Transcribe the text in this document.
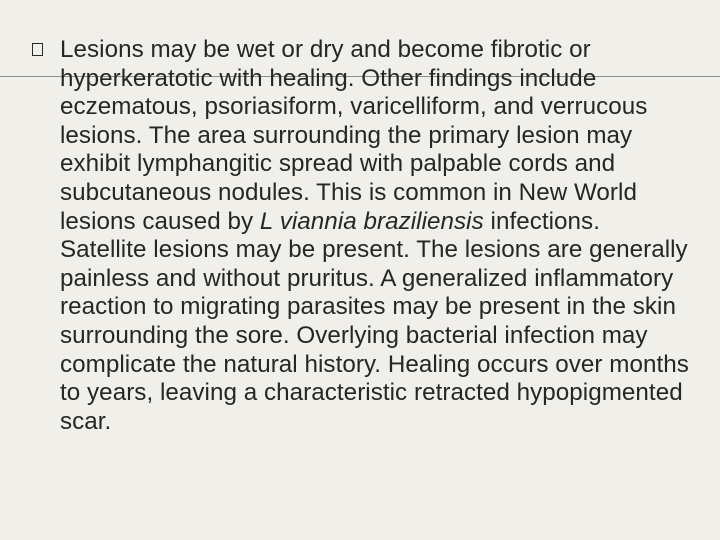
Lesions may be wet or dry and become fibrotic or hyperkeratotic with healing. Other findings include eczematous, psoriasiform, varicelliform, and verrucous lesions. The area surrounding the primary lesion may exhibit lymphangitic spread with palpable cords and subcutaneous nodules. This is common in New World lesions caused by L viannia braziliensis infections. Satellite lesions may be present. The lesions are generally painless and without pruritus. A generalized inflammatory reaction to migrating parasites may be present in the skin surrounding the sore. Overlying bacterial infection may complicate the natural history. Healing occurs over months to years, leaving a characteristic retracted hypopigmented scar.
